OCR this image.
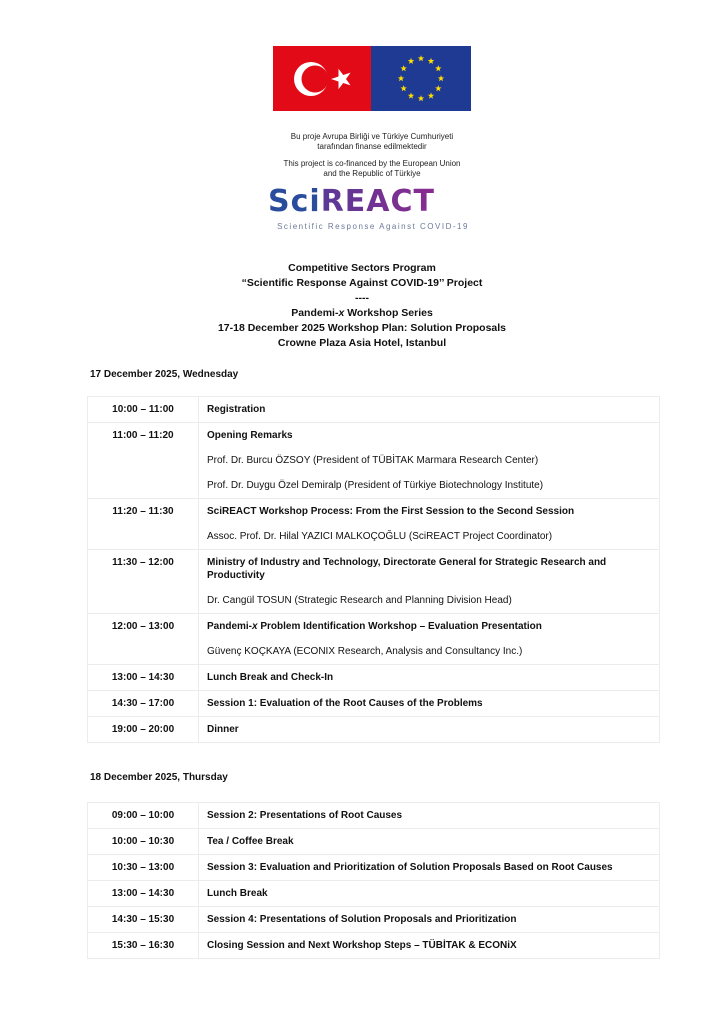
Bu proje Avrupa Birliği ve Türkiye Cumhuriyeti
tarafından finanse edilmektedir
This project is co-financed by the European Union
and the Republic of Türkiye
SciREACT
Scientific Response Against COVID-19
Competitive Sectors Program
“Scientific Response Against COVID-19’’ Project
----
Pandemi-x Workshop Series
17-18 December 2025 Workshop Plan: Solution Proposals
Crowne Plaza Asia Hotel, Istanbul
17 December 2025, Wednesday
10:00 – 11:00	Registration

11:00 – 11:20	Opening Remarks
Prof. Dr. Burcu ÖZSOY (President of TÜBİTAK Marmara Research Center)
Prof. Dr. Duygu Özel Demiralp (President of Türkiye Biotechnology Institute)

11:20 – 11:30	SciREACT Workshop Process: From the First Session to the Second Session
Assoc. Prof. Dr. Hilal YAZICI MALKOÇOĞLU (SciREACT Project Coordinator)

11:30 – 12:00	Ministry of Industry and Technology, Directorate General for Strategic Research and Productivity
Dr. Cangül TOSUN (Strategic Research and Planning Division Head)

12:00 – 13:00	Pandemi-x Problem Identification Workshop – Evaluation Presentation
Güvenç KOÇKAYA (ECONIX Research, Analysis and Consultancy Inc.)

13:00 – 14:30	Lunch Break and Check-In

14:30 – 17:00	Session 1: Evaluation of the Root Causes of the Problems

19:00 – 20:00	Dinner
18 December 2025, Thursday
09:00 – 10:00	Session 2: Presentations of Root Causes

10:00 – 10:30	Tea / Coffee Break

10:30 – 13:00	Session 3: Evaluation and Prioritization of Solution Proposals Based on Root Causes

13:00 – 14:30	Lunch Break

14:30 – 15:30	Session 4: Presentations of Solution Proposals and Prioritization

15:30 – 16:30	Closing Session and Next Workshop Steps – TÜBİTAK & ECONiX
